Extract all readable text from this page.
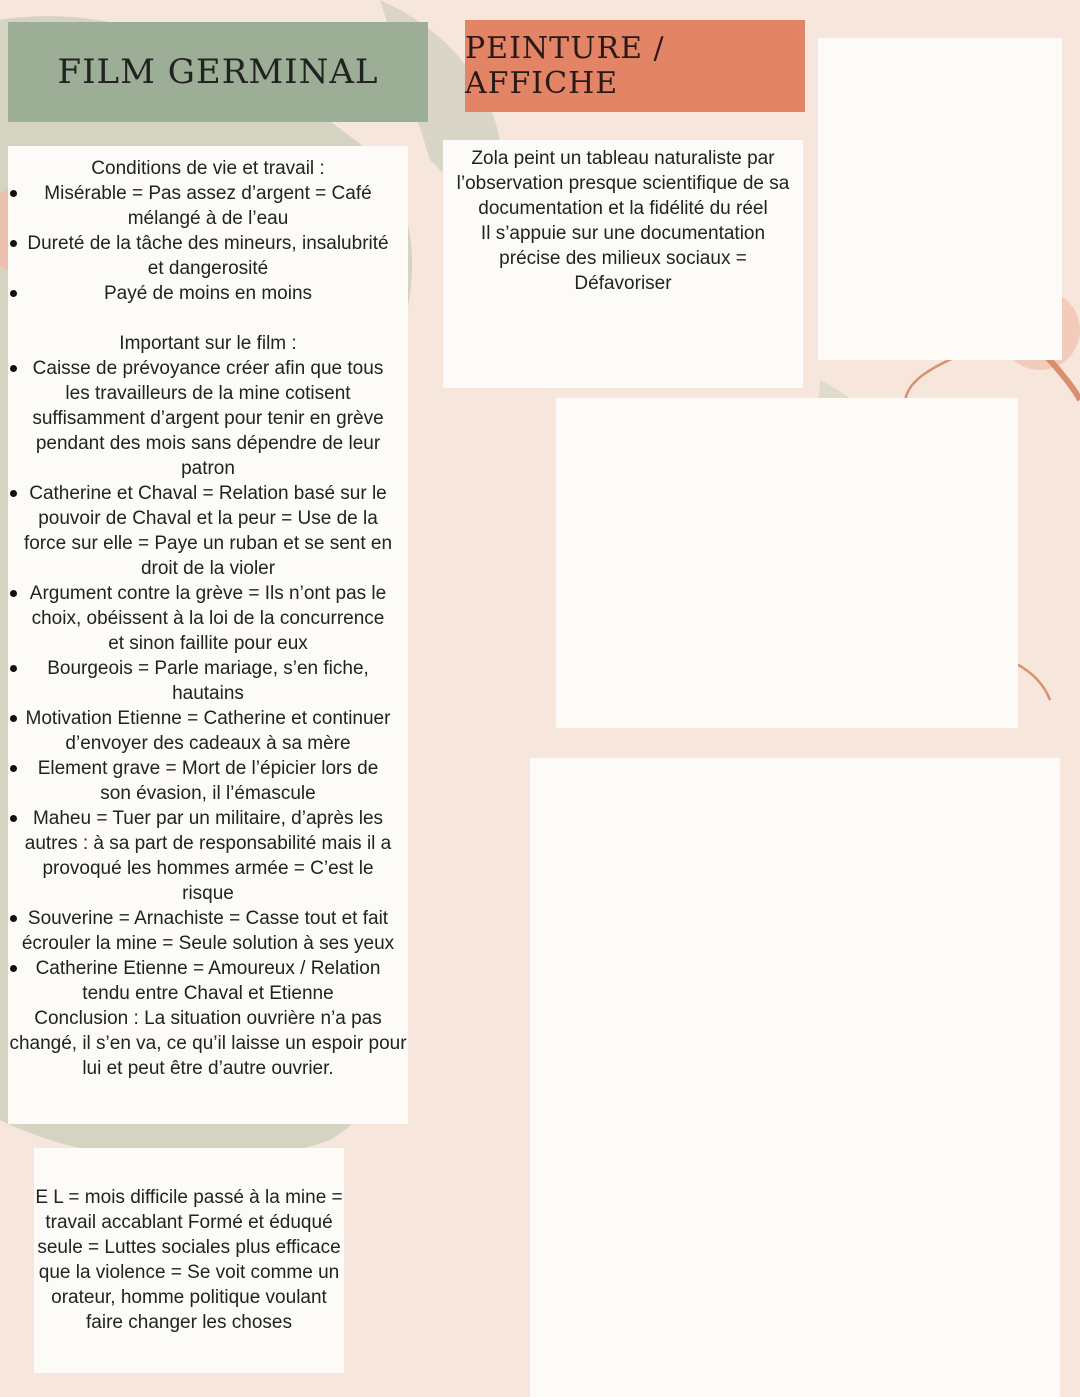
FILM GERMINAL
Conditions de vie et travail :
Misérable = Pas assez d’argent = Café
mélangé à de l’eau
Dureté de la tâche des mineurs, insalubrité
et dangerosité
Payé de moins en moins
Important sur le film :
Caisse de prévoyance créer afin que tous
les travailleurs de la mine cotisent
suffisamment d’argent pour tenir en grève
pendant des mois sans dépendre de leur
patron
Catherine et Chaval = Relation basé sur le
pouvoir de Chaval et la peur = Use de la
force sur elle = Paye un ruban et se sent en
droit de la violer
Argument contre la grève = Ils n’ont pas le
choix, obéissent à la loi de la concurrence
et sinon faillite pour eux
Bourgeois = Parle mariage, s’en fiche,
hautains
Motivation Etienne = Catherine et continuer
d’envoyer des cadeaux à sa mère
Element grave = Mort de l’épicier lors de
son évasion, il l’émascule
Maheu = Tuer par un militaire, d’après les
autres : à sa part de responsabilité mais il a
provoqué les hommes armée = C’est le
risque
Souverine = Arnachiste = Casse tout et fait
écrouler la mine = Seule solution à ses yeux
Catherine Etienne = Amoureux / Relation
tendu entre Chaval et Etienne
Conclusion : La situation ouvrière n’a pas
changé, il s’en va, ce qu’il laisse un espoir pour
lui et peut être d’autre ouvrier.
E L = mois difficile passé à la mine =
travail accablant Formé et éduqué
seule = Luttes sociales plus efficace
que la violence = Se voit comme un
orateur, homme politique voulant
faire changer les choses
PEINTURE / AFFICHE
Zola peint un tableau naturaliste par
l’observation presque scientifique de sa
documentation et la fidélité du réel
Il s’appuie sur une documentation
précise des milieux sociaux =
Défavoriser
